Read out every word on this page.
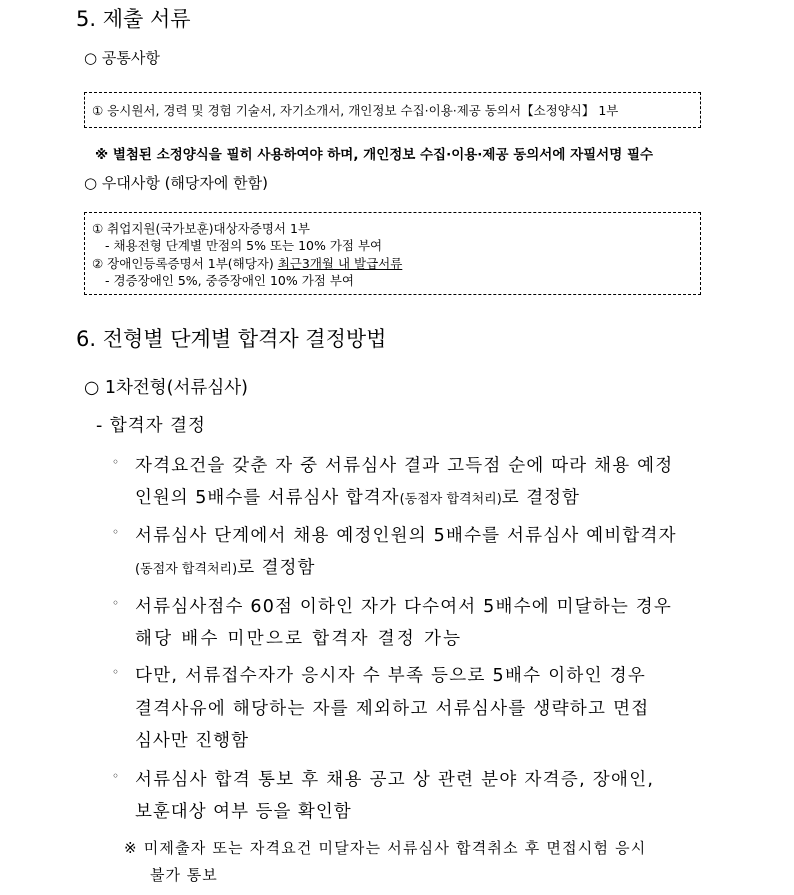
5. 제출 서류
○ 공통사항
① 응시원서, 경력 및 경험 기술서, 자기소개서, 개인정보 수집·이용·제공 동의서【소정양식】 1부
※ 별첨된 소정양식을 필히 사용하여야 하며, 개인정보 수집·이용·제공 동의서에 자필서명 필수
○ 우대사항 (해당자에 한함)
① 취업지원(국가보훈)대상자증명서 1부
- 채용전형 단계별 만점의 5% 또는 10% 가점 부여
② 장애인등록증명서 1부(해당자) 최근3개월 내 발급서류
- 경증장애인 5%, 중증장애인 10% 가점 부여
6. 전형별 단계별 합격자 결정방법
○ 1차전형(서류심사)
- 합격자 결정
◦ 자격요건을 갖춘 자 중 서류심사 결과 고득점 순에 따라 채용 예정
인원의 5배수를 서류심사 합격자(동점자 합격처리)로 결정함
◦ 서류심사 단계에서 채용 예정인원의 5배수를 서류심사 예비합격자
(동점자 합격처리)로 결정함
◦ 서류심사점수 60점 이하인 자가 다수여서 5배수에 미달하는 경우
해당 배수 미만으로 합격자 결정 가능
◦ 다만, 서류접수자가 응시자 수 부족 등으로 5배수 이하인 경우
결격사유에 해당하는 자를 제외하고 서류심사를 생략하고 면접
심사만 진행함
◦ 서류심사 합격 통보 후 채용 공고 상 관련 분야 자격증, 장애인,
보훈대상 여부 등을 확인함
※ 미제출자 또는 자격요건 미달자는 서류심사 합격취소 후 면접시험 응시
불가 통보
